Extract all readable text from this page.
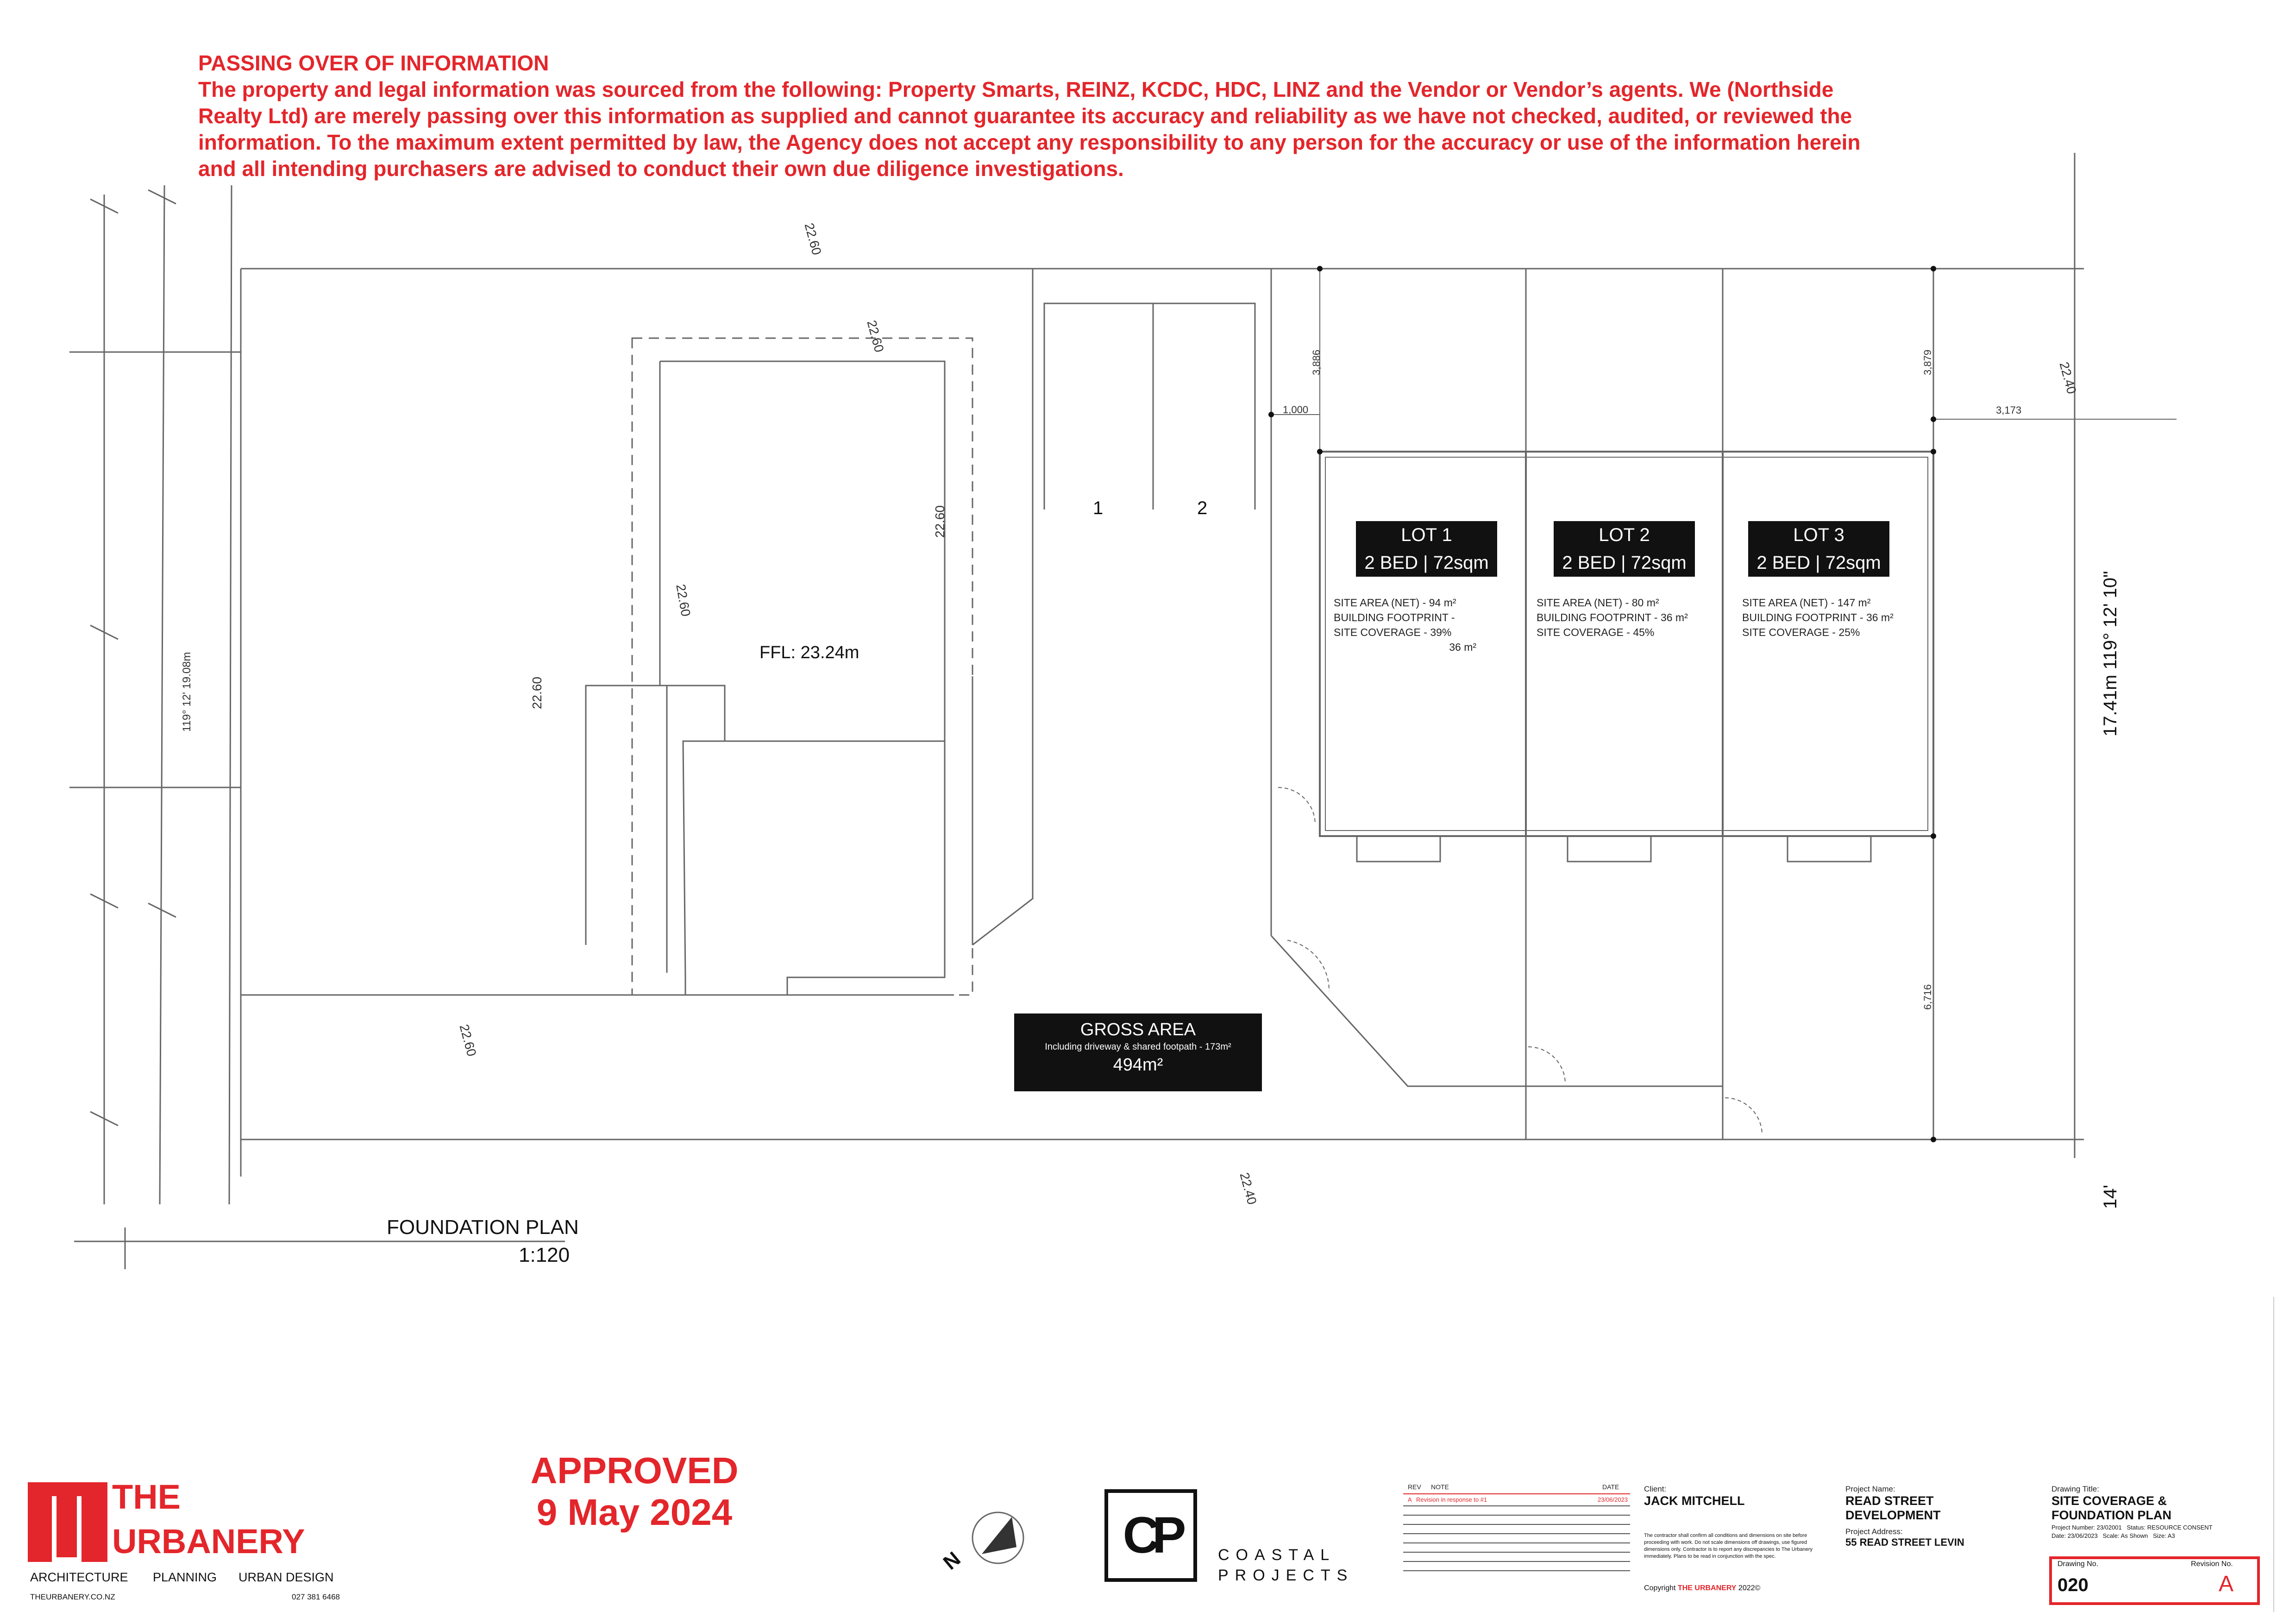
PASSING OVER OF INFORMATION
The property and legal information was sourced from the following: Property Smarts, REINZ, KCDC, HDC, LINZ and the Vendor or Vendor’s agents. We (Northside
Realty Ltd) are merely passing over this information as supplied and cannot guarantee its accuracy and reliability as we have not checked, audited, or reviewed the
information. To the maximum extent permitted by law, the Agency does not accept any responsibility to any person for the accuracy or use of the information herein
and all intending purchasers are advised to conduct their own due diligence investigations.
22.60
22.60
22.60
22.60
22.60
22.60
22.40
22.40
FFL: 23.24m
1	2
119° 12' 19.08m	17.41m 119° 12' 10"
14'
1,000
3,886	3,879
3,173
6,716
LOT 1
2 BED | 72sqm
SITE AREA (NET) - 94 m²
BUILDING FOOTPRINT -
SITE COVERAGE - 39%
36 m²
LOT 2
2 BED | 72sqm
SITE AREA (NET) - 80 m²
BUILDING FOOTPRINT - 36 m²
SITE COVERAGE - 45%
LOT 3
2 BED | 72sqm
SITE AREA (NET) - 147 m²
BUILDING FOOTPRINT - 36 m²
SITE COVERAGE - 25%
GROSS AREA
Including driveway & shared footpath - 173m²
494m²
FOUNDATION PLAN
1:120
APPROVED
9 May 2024
THE
URBANERY
ARCHITECTURE PLANNING URBAN DESIGN
THEURBANERY.CO.NZ	027 381 6468
N	CP	COASTAL
PROJECTS
REV NOTE	DATE
A Revision in response to #1	23/06/2023
Client:
JACK MITCHELL
The contractor shall confirm all conditions and dimensions on site before proceeding with work. Do not scale dimensions off drawings, use figured dimensions only. Contractor is to report any discrepancies to The Urbanery immediately. Plans to be read in conjunction with the spec.
Copyright THE URBANERY 2022©
Project Name:
READ STREET
DEVELOPMENT
Project Address:
55 READ STREET LEVIN
Drawing Title:
SITE COVERAGE &
FOUNDATION PLAN
Project Number: 23/02001 Status: RESOURCE CONSENT
Date: 23/06/2023 Scale: As Shown Size: A3
Drawing No.	Revision No.
020	A
